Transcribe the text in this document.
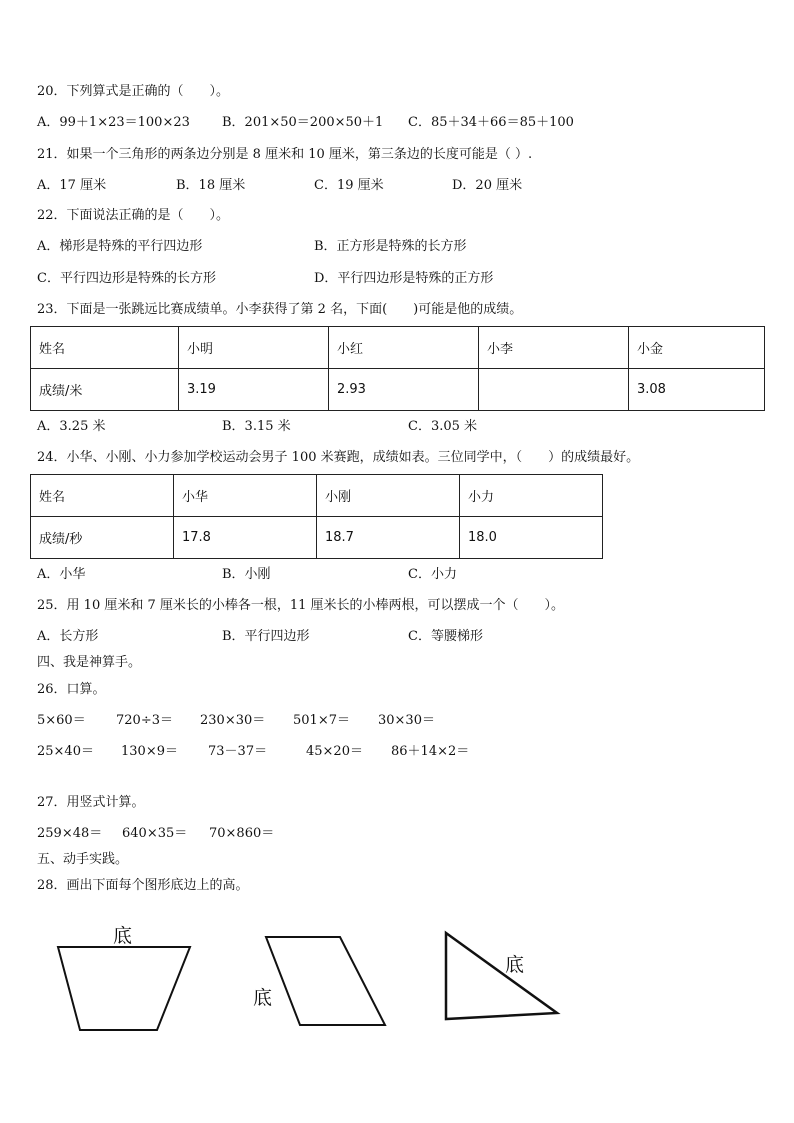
20．下列算式是正确的（　　）。
A．99＋1×23＝100×23 B．201×50＝200×50＋1 C．85＋34＋66＝85＋100
21．如果一个三角形的两条边分别是 8 厘米和 10 厘米，第三条边的长度可能是（ ）.
A．17 厘米	B．18 厘米	C．19 厘米	D．20 厘米
22．下面说法正确的是（　　）。
A．梯形是特殊的平行四边形	B．正方形是特殊的长方形
C．平行四边形是特殊的长方形	D．平行四边形是特殊的正方形
23．下面是一张跳远比赛成绩单。小李获得了第 2 名，下面(　　)可能是他的成绩。
姓名	小明	小红	小李	小金
成绩/米	3.19	2.93		3.08
A．3.25 米	B．3.15 米	C．3.05 米
24．小华、小刚、小力参加学校运动会男子 100 米赛跑，成绩如表。三位同学中，（　　）的成绩最好。
姓名	小华	小刚	小力
成绩/秒	17.8	18.7	18.0
A．小华	B．小刚	C．小力
25．用 10 厘米和 7 厘米长的小棒各一根，11 厘米长的小棒两根，可以摆成一个（　　）。
A．长方形	B．平行四边形	C．等腰梯形
四、我是神算手。
26．口算。
5×60＝ 720÷3＝ 230×30＝ 501×7＝ 30×30＝
25×40＝ 130×9＝ 73－37＝	45×20＝ 86＋14×2＝
27．用竖式计算。
259×48＝ 640×35＝ 70×860＝
五、动手实践。
28．画出下面每个图形底边上的高。
底
底
底
